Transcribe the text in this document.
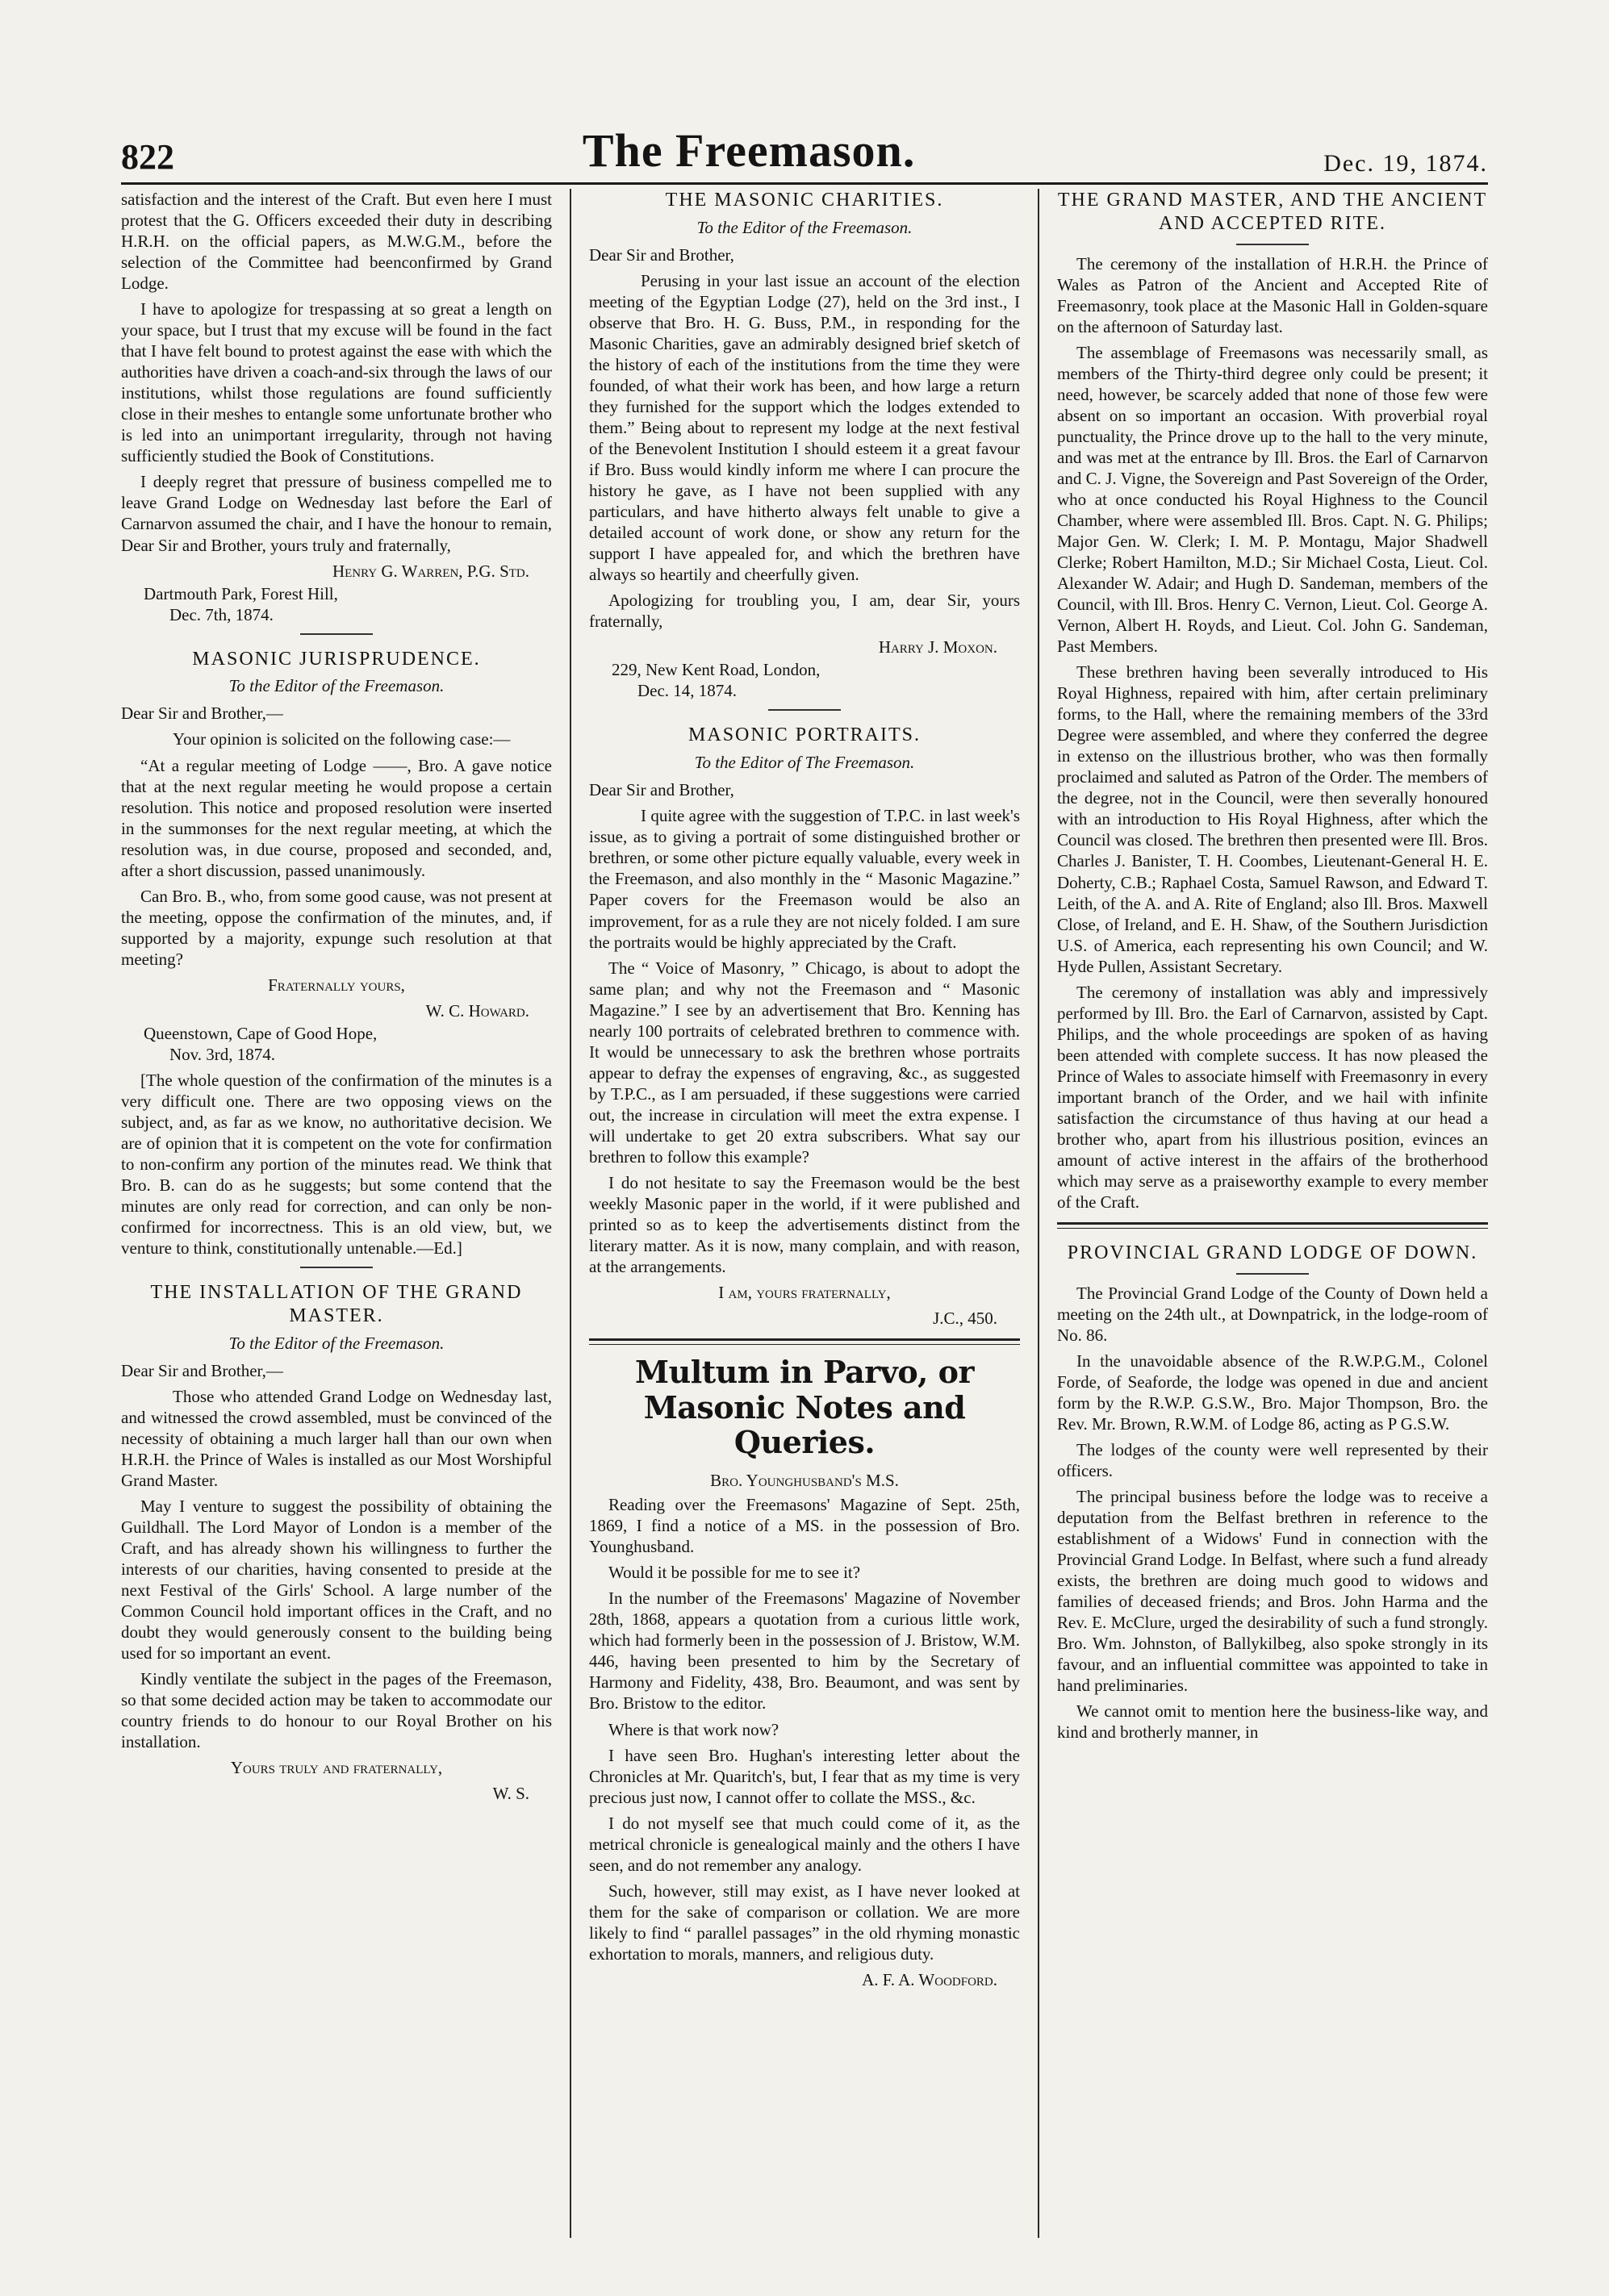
822	The Freemason.	Dec. 19, 1874.

satisfaction and the interest of the Craft. But even here I must protest that the G. Officers exceeded their duty in describing H.R.H. on the official papers, as M.W.G.M., before the selection of the Committee had beenconfirmed by Grand Lodge.

I have to apologize for trespassing at so great a length on your space, but I trust that my excuse will be found in the fact that I have felt bound to protest against the ease with which the authorities have driven a coach-and-six through the laws of our institutions, whilst those regulations are found sufficiently close in their meshes to entangle some unfortunate brother who is led into an unimportant irregularity, through not having sufficiently studied the Book of Constitutions.

I deeply regret that pressure of business compelled me to leave Grand Lodge on Wednesday last before the Earl of Carnarvon assumed the chair, and I have the honour to remain, Dear Sir and Brother, yours truly and fraternally,

Henry G. Warren, P.G. Std.
Dartmouth Park, Forest Hill,
Dec. 7th, 1874.
MASONIC JURISPRUDENCE.
To the Editor of the Freemason.

Dear Sir and Brother,—

Your opinion is solicited on the following case:—

“At a regular meeting of Lodge ——, Bro. A gave notice that at the next regular meeting he would propose a certain resolution. This notice and proposed resolution were inserted in the summonses for the next regular meeting, at which the resolution was, in due course, proposed and seconded, and, after a short discussion, passed unanimously.

Can Bro. B., who, from some good cause, was not present at the meeting, oppose the confirmation of the minutes, and, if supported by a majority, expunge such resolution at that meeting?

Fraternally yours,
W. C. Howard.
Queenstown, Cape of Good Hope,
Nov. 3rd, 1874.

[The whole question of the confirmation of the minutes is a very difficult one. There are two opposing views on the subject, and, as far as we know, no authoritative decision. We are of opinion that it is competent on the vote for confirmation to non-confirm any portion of the minutes read. We think that Bro. B. can do as he suggests; but some contend that the minutes are only read for correction, and can only be non-confirmed for incorrectness. This is an old view, but, we venture to think, constitutionally untenable.—Ed.]

THE INSTALLATION OF THE GRAND MASTER.
To the Editor of the Freemason.

Dear Sir and Brother,—

Those who attended Grand Lodge on Wednesday last, and witnessed the crowd assembled, must be convinced of the necessity of obtaining a much larger hall than our own when H.R.H. the Prince of Wales is installed as our Most Worshipful Grand Master.

May I venture to suggest the possibility of obtaining the Guildhall. The Lord Mayor of London is a member of the Craft, and has already shown his willingness to further the interests of our charities, having consented to preside at the next Festival of the Girls' School. A large number of the Common Council hold important offices in the Craft, and no doubt they would generously consent to the building being used for so important an event.

Kindly ventilate the subject in the pages of the Freemason, so that some decided action may be taken to accommodate our country friends to do honour to our Royal Brother on his installation.

Yours truly and fraternally,
W. S.
THE MASONIC CHARITIES.
To the Editor of the Freemason.

Dear Sir and Brother,

Perusing in your last issue an account of the election meeting of the Egyptian Lodge (27), held on the 3rd inst., I observe that Bro. H. G. Buss, P.M., in responding for the Masonic Charities, gave an admirably designed brief sketch of the history of each of the institutions from the time they were founded, of what their work has been, and how large a return they furnished for the support which the lodges extended to them.” Being about to represent my lodge at the next festival of the Benevolent Institution I should esteem it a great favour if Bro. Buss would kindly inform me where I can procure the history he gave, as I have not been supplied with any particulars, and have hitherto always felt unable to give a detailed account of work done, or show any return for the support I have appealed for, and which the brethren have always so heartily and cheerfully given.

Apologizing for troubling you, I am, dear Sir, yours fraternally,

Harry J. Moxon.
229, New Kent Road, London,
Dec. 14, 1874.
MASONIC PORTRAITS.
To the Editor of The Freemason.

Dear Sir and Brother,

I quite agree with the suggestion of T.P.C. in last week's issue, as to giving a portrait of some distinguished brother or brethren, or some other picture equally valuable, every week in the Freemason, and also monthly in the “ Masonic Magazine.” Paper covers for the Freemason would be also an improvement, for as a rule they are not nicely folded. I am sure the portraits would be highly appreciated by the Craft.

The “ Voice of Masonry, ” Chicago, is about to adopt the same plan; and why not the Freemason and “ Masonic Magazine.” I see by an advertisement that Bro. Kenning has nearly 100 portraits of celebrated brethren to commence with. It would be unnecessary to ask the brethren whose portraits appear to defray the expenses of engraving, &c., as suggested by T.P.C., as I am persuaded, if these suggestions were carried out, the increase in circulation will meet the extra expense. I will undertake to get 20 extra subscribers. What say our brethren to follow this example?

I do not hesitate to say the Freemason would be the best weekly Masonic paper in the world, if it were published and printed so as to keep the advertisements distinct from the literary matter. As it is now, many complain, and with reason, at the arrangements.

I am, yours fraternally,
J.C., 450.
Multum in Parvo, or Masonic Notes and Queries.
Bro. Younghusband's M.S.

Reading over the Freemasons' Magazine of Sept. 25th, 1869, I find a notice of a MS. in the possession of Bro. Younghusband.

Would it be possible for me to see it?

In the number of the Freemasons' Magazine of November 28th, 1868, appears a quotation from a curious little work, which had formerly been in the possession of J. Bristow, W.M. 446, having been presented to him by the Secretary of Harmony and Fidelity, 438, Bro. Beaumont, and was sent by Bro. Bristow to the editor.

Where is that work now?

I have seen Bro. Hughan's interesting letter about the Chronicles at Mr. Quaritch's, but, I fear that as my time is very precious just now, I cannot offer to collate the MSS., &c.

I do not myself see that much could come of it, as the metrical chronicle is genealogical mainly and the others I have seen, and do not remember any analogy.

Such, however, still may exist, as I have never looked at them for the sake of comparison or collation. We are more likely to find “ parallel passages” in the old rhyming monastic exhortation to morals, manners, and religious duty.

A. F. A. Woodford.
THE GRAND MASTER, AND THE ANCIENT AND ACCEPTED RITE.

The ceremony of the installation of H.R.H. the Prince of Wales as Patron of the Ancient and Accepted Rite of Freemasonry, took place at the Masonic Hall in Golden-square on the afternoon of Saturday last.

The assemblage of Freemasons was necessarily small, as members of the Thirty-third degree only could be present; it need, however, be scarcely added that none of those few were absent on so important an occasion. With proverbial royal punctuality, the Prince drove up to the hall to the very minute, and was met at the entrance by Ill. Bros. the Earl of Carnarvon and C. J. Vigne, the Sovereign and Past Sovereign of the Order, who at once conducted his Royal Highness to the Council Chamber, where were assembled Ill. Bros. Capt. N. G. Philips; Major Gen. W. Clerk; I. M. P. Montagu, Major Shadwell Clerke; Robert Hamilton, M.D.; Sir Michael Costa, Lieut. Col. Alexander W. Adair; and Hugh D. Sandeman, members of the Council, with Ill. Bros. Henry C. Vernon, Lieut. Col. George A. Vernon, Albert H. Royds, and Lieut. Col. John G. Sandeman, Past Members.

These brethren having been severally introduced to His Royal Highness, repaired with him, after certain preliminary forms, to the Hall, where the remaining members of the 33rd Degree were assembled, and where they conferred the degree in extenso on the illustrious brother, who was then formally proclaimed and saluted as Patron of the Order. The members of the degree, not in the Council, were then severally honoured with an introduction to His Royal Highness, after which the Council was closed. The brethren then presented were Ill. Bros. Charles J. Banister, T. H. Coombes, Lieutenant-General H. E. Doherty, C.B.; Raphael Costa, Samuel Rawson, and Edward T. Leith, of the A. and A. Rite of England; also Ill. Bros. Maxwell Close, of Ireland, and E. H. Shaw, of the Southern Jurisdiction U.S. of America, each representing his own Council; and W. Hyde Pullen, Assistant Secretary.

The ceremony of installation was ably and impressively performed by Ill. Bro. the Earl of Carnarvon, assisted by Capt. Philips, and the whole proceedings are spoken of as having been attended with complete success. It has now pleased the Prince of Wales to associate himself with Freemasonry in every important branch of the Order, and we hail with infinite satisfaction the circumstance of thus having at our head a brother who, apart from his illustrious position, evinces an amount of active interest in the affairs of the brotherhood which may serve as a praiseworthy example to every member of the Craft.

PROVINCIAL GRAND LODGE OF DOWN.

The Provincial Grand Lodge of the County of Down held a meeting on the 24th ult., at Downpatrick, in the lodge-room of No. 86.

In the unavoidable absence of the R.W.P.G.M., Colonel Forde, of Seaforde, the lodge was opened in due and ancient form by the R.W.P. G.S.W., Bro. Major Thompson, Bro. the Rev. Mr. Brown, R.W.M. of Lodge 86, acting as P G.S.W.

The lodges of the county were well represented by their officers.

The principal business before the lodge was to receive a deputation from the Belfast brethren in reference to the establishment of a Widows' Fund in connection with the Provincial Grand Lodge. In Belfast, where such a fund already exists, the brethren are doing much good to widows and families of deceased friends; and Bros. John Harma and the Rev. E. McClure, urged the desirability of such a fund strongly. Bro. Wm. Johnston, of Ballykilbeg, also spoke strongly in its favour, and an influential committee was appointed to take in hand preliminaries.

We cannot omit to mention here the business-like way, and kind and brotherly manner, in
